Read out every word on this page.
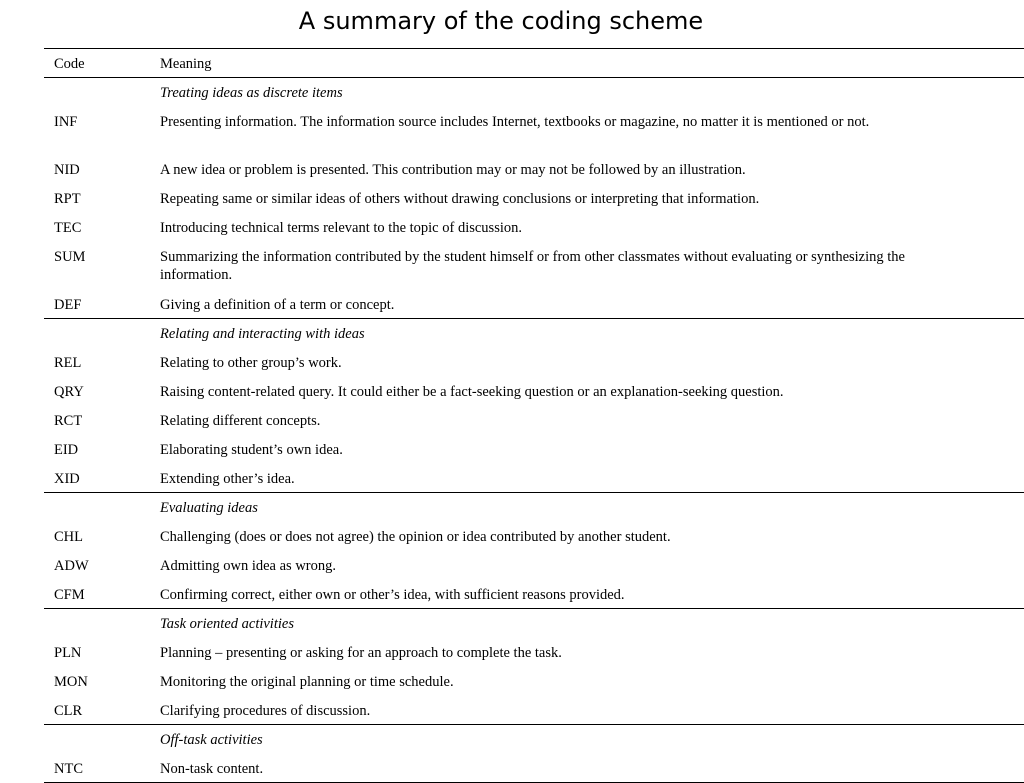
A summary of the coding scheme
Code	Meaning
	Treating ideas as discrete items
INF	Presenting information. The information source includes Internet, textbooks or magazine, no matter it is mentioned or not.
NID	A new idea or problem is presented. This contribution may or may not be followed by an illustration.
RPT	Repeating same or similar ideas of others without drawing conclusions or interpreting that information.
TEC	Introducing technical terms relevant to the topic of discussion.
SUM	Summarizing the information contributed by the student himself or from other classmates without evaluating or synthesizing the information.
DEF	Giving a definition of a term or concept.
	Relating and interacting with ideas
REL	Relating to other group’s work.
QRY	Raising content-related query. It could either be a fact-seeking question or an explanation-seeking question.
RCT	Relating different concepts.
EID	Elaborating student’s own idea.
XID	Extending other’s idea.
	Evaluating ideas
CHL	Challenging (does or does not agree) the opinion or idea contributed by another student.
ADW	Admitting own idea as wrong.
CFM	Confirming correct, either own or other’s idea, with sufficient reasons provided.
	Task oriented activities
PLN	Planning – presenting or asking for an approach to complete the task.
MON	Monitoring the original planning or time schedule.
CLR	Clarifying procedures of discussion.
	Off-task activities
NTC	Non-task content.
